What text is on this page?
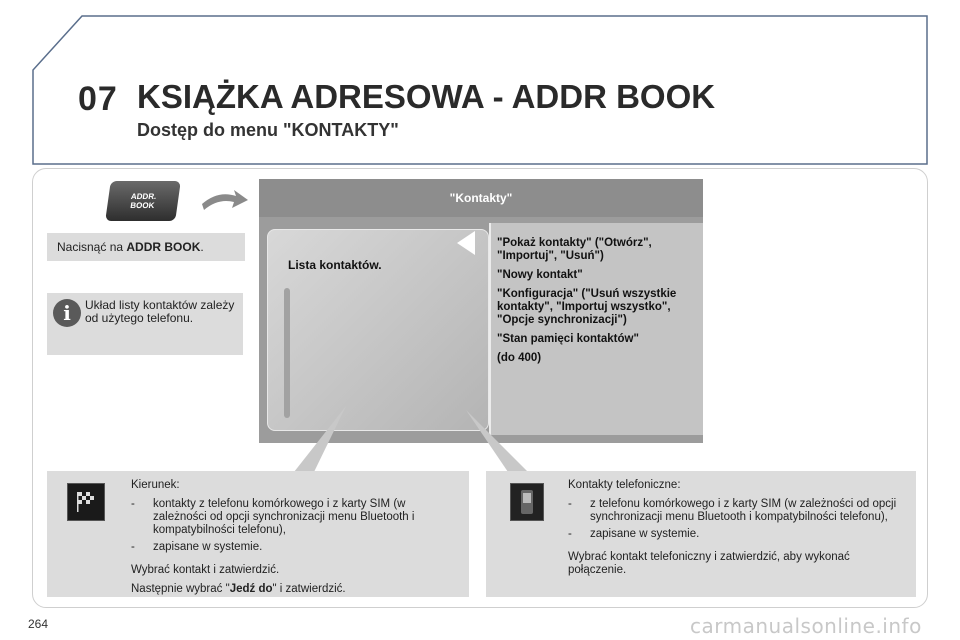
07 KSIĄŻKA ADRESOWA - ADDR BOOK
Dostęp do menu "KONTAKTY"
ADDR.
BOOK
Nacisnąć na ADDR BOOK .
i	Układ listy kontaktów zależy od użytego telefonu.
"Kontakty"
Lista kontaktów.

"Pokaż kontakty" ("Otwórz", "Importuj", "Usuń")

"Nowy kontakt"

"Konfiguracja" ("Usuń wszystkie kontakty", "Importuj wszystko", "Opcje synchronizacji")

"Stan pamięci kontaktów"

(do 400)

Kierunek:

-	kontakty z telefonu komórkowego i z karty SIM (w zależności od opcji synchronizacji menu Bluetooth i kompatybilności telefonu),
-	zapisane w systemie.

Wybrać kontakt i zatwierdzić.

Następnie wybrać "Jedź do" i zatwierdzić.

Kontakty telefoniczne:

-	z telefonu komórkowego i z karty SIM (w zależności od opcji synchronizacji menu Bluetooth i kompatybilności telefonu),
-	zapisane w systemie.

Wybrać kontakt telefoniczny i zatwierdzić, aby wykonać połączenie.

264	carmanualsonline.info
